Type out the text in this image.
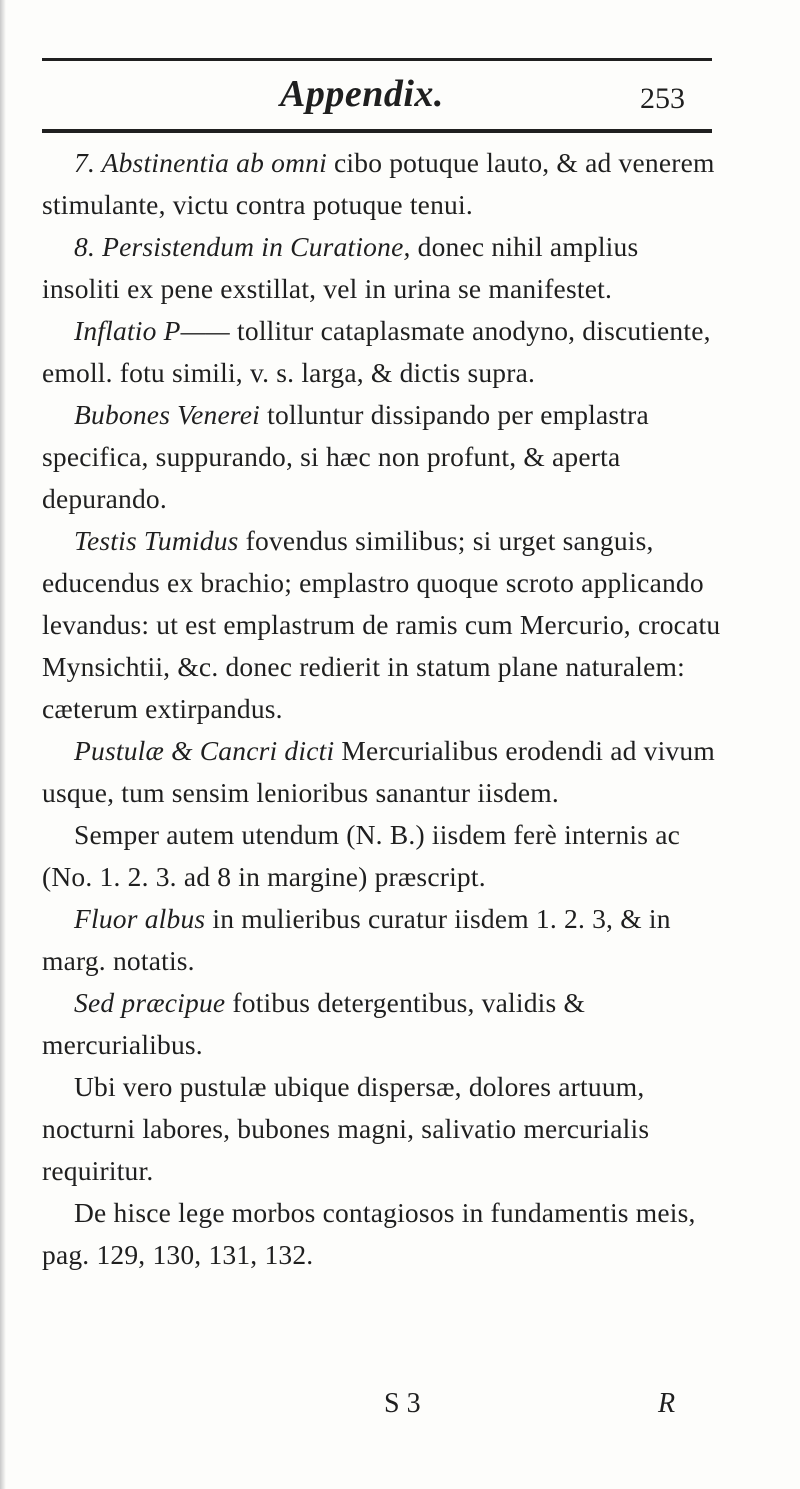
Appendix.	253

7. Abstinentia ab omni cibo potuque lauto, & ad venerem stimulante, victu contra potuque tenui.

8. Persistendum in Curatione, donec nihil amplius insoliti ex pene exstillat, vel in urina se manifestet.

Inflatio P—— tollitur cataplasmate anodyno, discutiente, emoll. fotu simili, v. s. larga, & dictis supra.

Bubones Venerei tolluntur dissipando per emplastra specifica, suppurando, si hæc non profunt, & aperta depurando.

Testis Tumidus fovendus similibus; si urget sanguis, educendus ex brachio; emplastro quoque scroto applicando levandus: ut est emplastrum de ramis cum Mercurio, crocatu Mynsichtii, &c. donec redierit in statum plane naturalem: cæterum extirpandus.

Pustulæ & Cancri dicti Mercurialibus erodendi ad vivum usque, tum sensim lenioribus sanantur iisdem.

Semper autem utendum (N. B.) iisdem ferè internis ac (No. 1. 2. 3. ad 8 in margine) præscript.

Fluor albus in mulieribus curatur iisdem 1. 2. 3, & in marg. notatis.

Sed præcipue fotibus detergentibus, validis & mercurialibus.

Ubi vero pustulæ ubique dispersæ, dolores artuum, nocturni labores, bubones magni, salivatio mercurialis requiritur.

De hisce lege morbos contagiosos in fundamentis meis, pag. 129, 130, 131, 132.

S 3	R
